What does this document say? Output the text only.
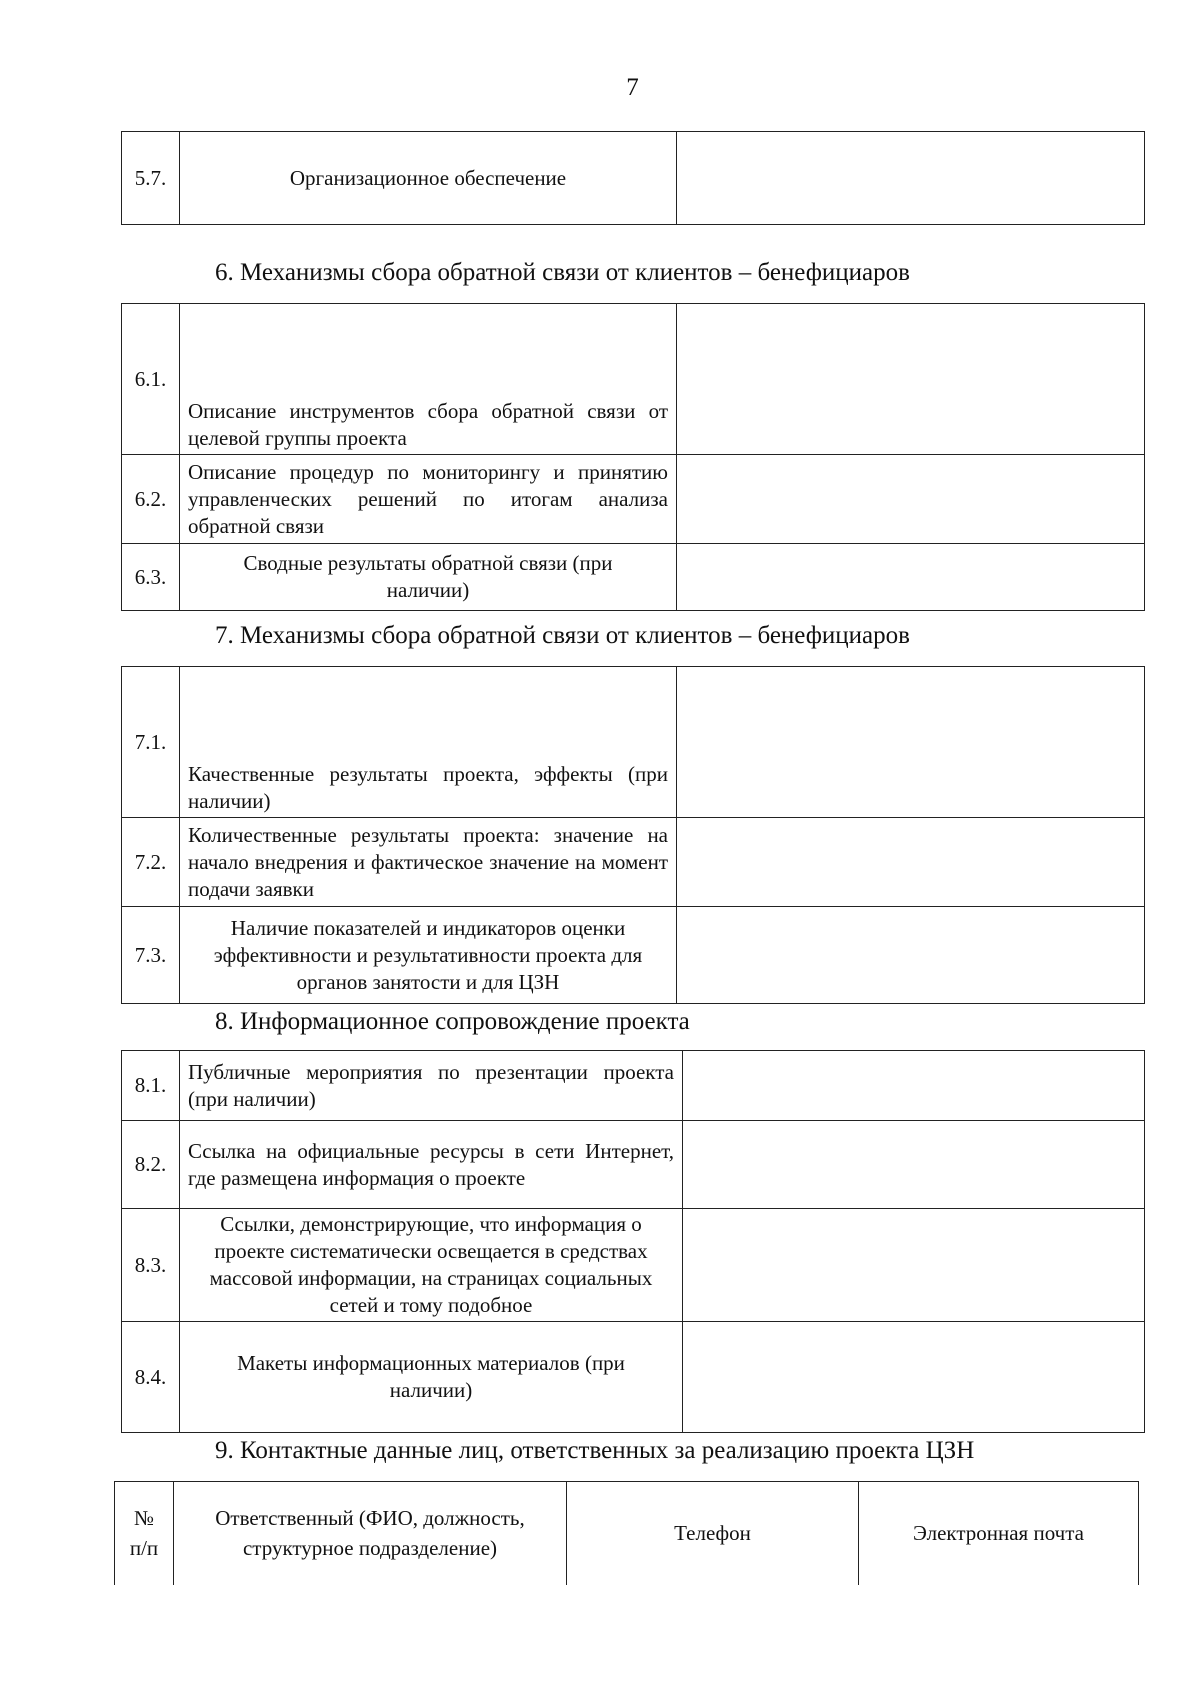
7
5.7.	Организационное обеспечение	
6. Механизмы сбора обратной связи от клиентов – бенефициаров
6.1.	Описание инструментов сбора обратной связи от целевой группы проекта	
6.2.	Описание процедур по мониторингу и принятию управленческих решений по итогам анализа обратной связи	
6.3.	Сводные результаты обратной связи (при наличии)	
7. Механизмы сбора обратной связи от клиентов – бенефициаров
7.1.	Качественные результаты проекта, эффекты (при наличии)	
7.2.	Количественные результаты проекта: значение на начало внедрения и фактическое значение на момент подачи заявки	
7.3.	Наличие показателей и индикаторов оценки эффективности и результативности проекта для органов занятости и для ЦЗН	
8. Информационное сопровождение проекта
8.1.	Публичные мероприятия по презентации проекта (при наличии)	
8.2.	Ссылка на официальные ресурсы в сети Интернет, где размещена информация о проекте	
8.3.	Ссылки, демонстрирующие, что информация о проекте систематически освещается в средствах массовой информации, на страницах социальных сетей и тому подобное	
8.4.	Макеты информационных материалов (при наличии)	
9. Контактные данные лиц, ответственных за реализацию проекта ЦЗН
№ п/п	Ответственный (ФИО, должность, структурное подразделение)	Телефон	Электронная почта
